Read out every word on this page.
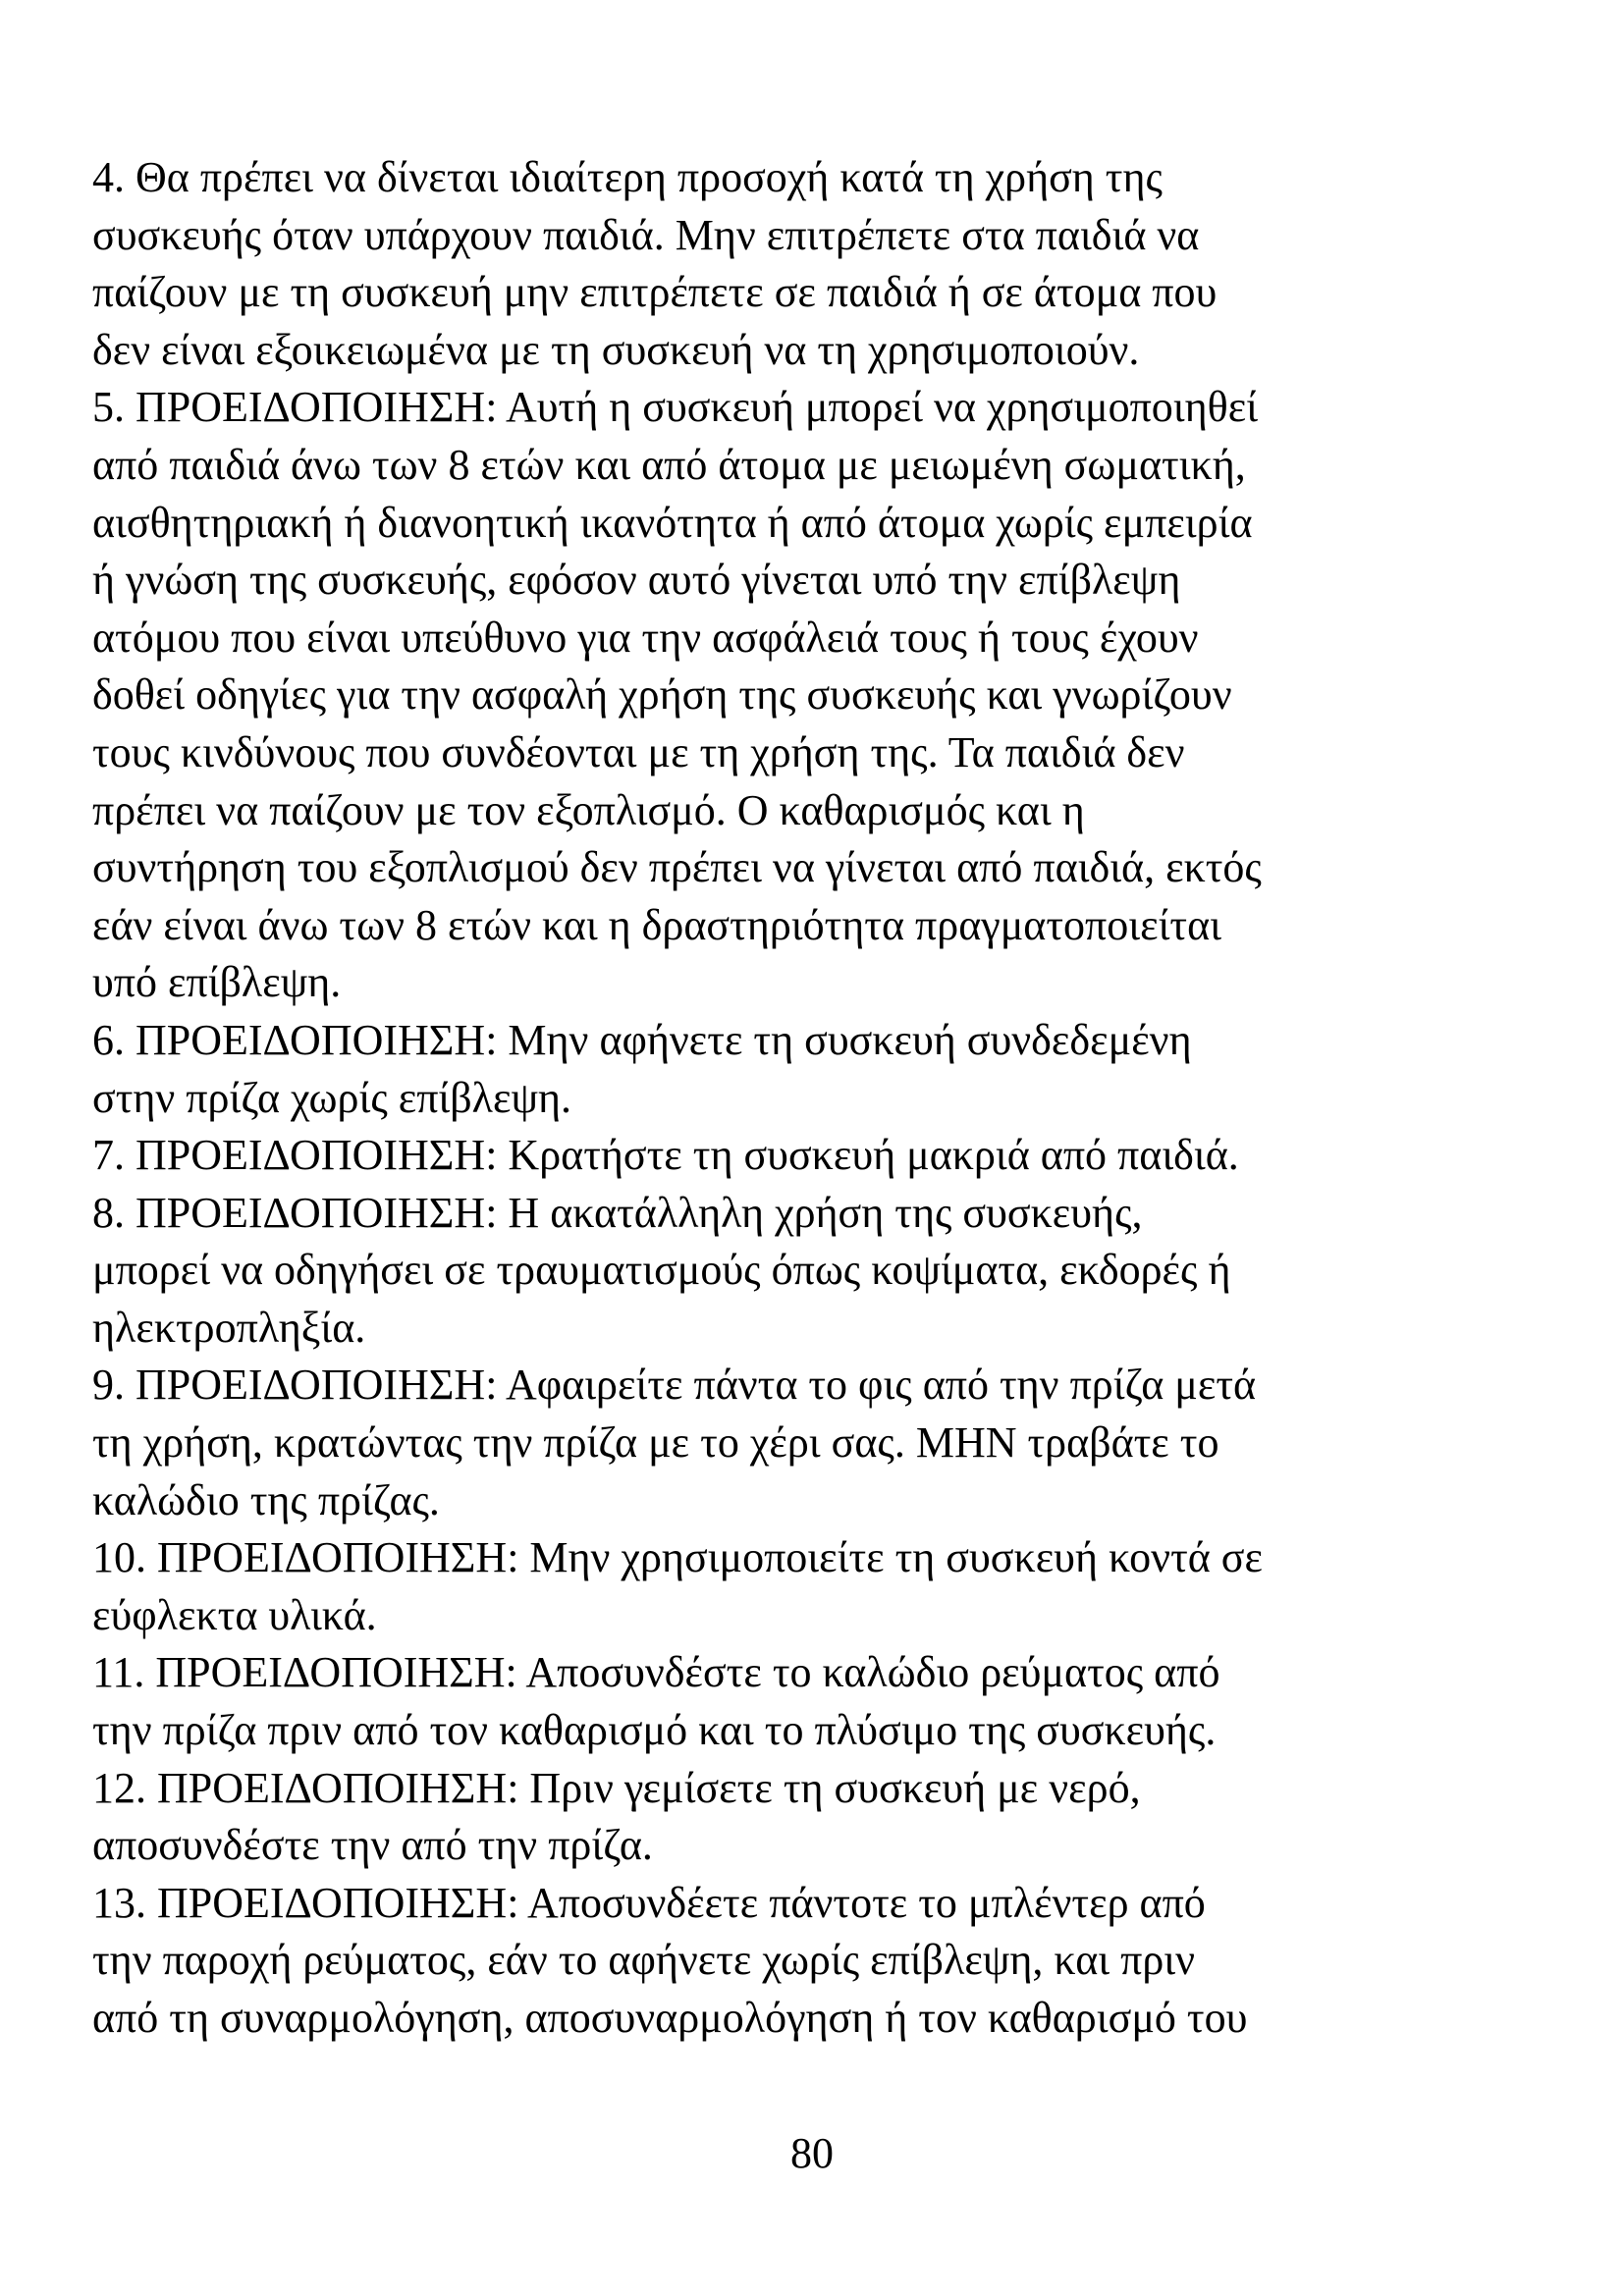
4. Θα πρέπει να δίνεται ιδιαίτερη προσοχή κατά τη χρήση της
συσκευής όταν υπάρχουν παιδιά. Μην επιτρέπετε στα παιδιά να
παίζουν με τη συσκευή μην επιτρέπετε σε παιδιά ή σε άτομα που
δεν είναι εξοικειωμένα με τη συσκευή να τη χρησιμοποιούν.
5. ΠΡΟΕΙΔΟΠΟΙΗΣΗ: Αυτή η συσκευή μπορεί να χρησιμοποιηθεί
από παιδιά άνω των 8 ετών και από άτομα με μειωμένη σωματική,
αισθητηριακή ή διανοητική ικανότητα ή από άτομα χωρίς εμπειρία
ή γνώση της συσκευής, εφόσον αυτό γίνεται υπό την επίβλεψη
ατόμου που είναι υπεύθυνο για την ασφάλειά τους ή τους έχουν
δοθεί οδηγίες για την ασφαλή χρήση της συσκευής και γνωρίζουν
τους κινδύνους που συνδέονται με τη χρήση της. Τα παιδιά δεν
πρέπει να παίζουν με τον εξοπλισμό. Ο καθαρισμός και η
συντήρηση του εξοπλισμού δεν πρέπει να γίνεται από παιδιά, εκτός
εάν είναι άνω των 8 ετών και η δραστηριότητα πραγματοποιείται
υπό επίβλεψη.
6. ΠΡΟΕΙΔΟΠΟΙΗΣΗ: Μην αφήνετε τη συσκευή συνδεδεμένη
στην πρίζα χωρίς επίβλεψη.
7. ΠΡΟΕΙΔΟΠΟΙΗΣΗ: Κρατήστε τη συσκευή μακριά από παιδιά.
8. ΠΡΟΕΙΔΟΠΟΙΗΣΗ: Η ακατάλληλη χρήση της συσκευής,
μπορεί να οδηγήσει σε τραυματισμούς όπως κοψίματα, εκδορές ή
ηλεκτροπληξία.
9. ΠΡΟΕΙΔΟΠΟΙΗΣΗ: Αφαιρείτε πάντα το φις από την πρίζα μετά
τη χρήση, κρατώντας την πρίζα με το χέρι σας. ΜΗΝ τραβάτε το
καλώδιο της πρίζας.
10. ΠΡΟΕΙΔΟΠΟΙΗΣΗ: Μην χρησιμοποιείτε τη συσκευή κοντά σε
εύφλεκτα υλικά.
11. ΠΡΟΕΙΔΟΠΟΙΗΣΗ: Αποσυνδέστε το καλώδιο ρεύματος από
την πρίζα πριν από τον καθαρισμό και το πλύσιμο της συσκευής.
12. ΠΡΟΕΙΔΟΠΟΙΗΣΗ: Πριν γεμίσετε τη συσκευή με νερό,
αποσυνδέστε την από την πρίζα.
13. ΠΡΟΕΙΔΟΠΟΙΗΣΗ: Αποσυνδέετε πάντοτε το μπλέντερ από
την παροχή ρεύματος, εάν το αφήνετε χωρίς επίβλεψη, και πριν
από τη συναρμολόγηση, αποσυναρμολόγηση ή τον καθαρισμό του
80
